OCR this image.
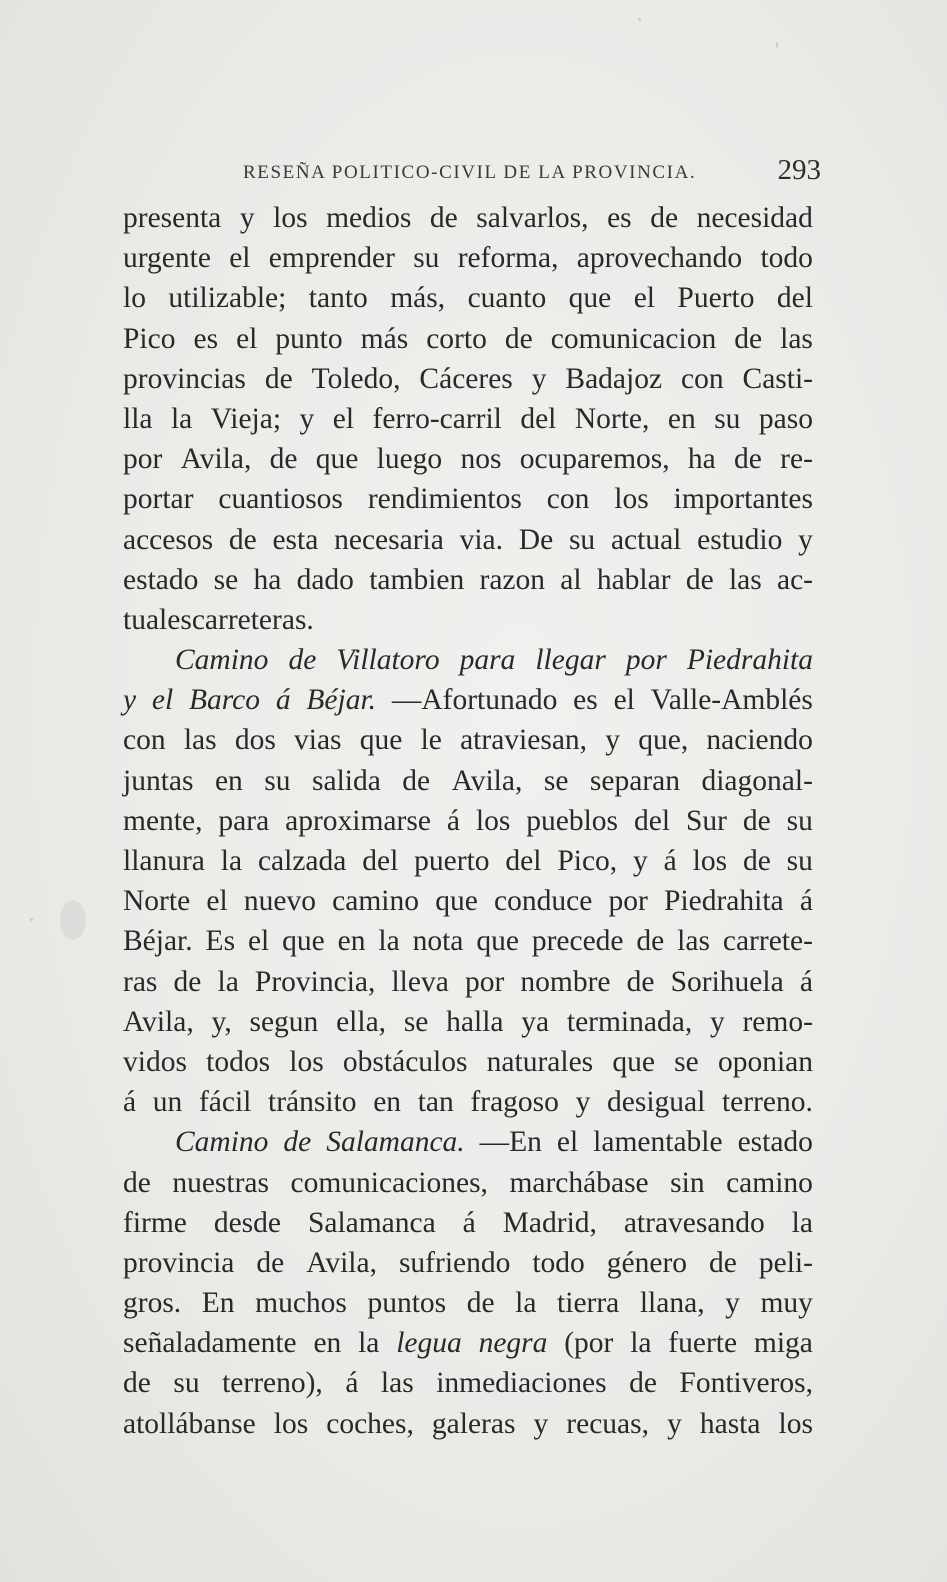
RESEÑA POLITICO-CIVIL DE LA PROVINCIA.	293
presenta y los medios de salvarlos, es de necesidad
urgente el emprender su reforma, aprovechando todo
lo utilizable; tanto más, cuanto que el Puerto del
Pico es el punto más corto de comunicacion de las
provincias de Toledo, Cáceres y Badajoz con Casti-
lla la Vieja; y el ferro-carril del Norte, en su paso
por Avila, de que luego nos ocuparemos, ha de re-
portar cuantiosos rendimientos con los importantes
accesos de esta necesaria via. De su actual estudio y
estado se ha dado tambien razon al hablar de las ac-
tuales carreteras.
Camino de Villatoro para llegar por Piedrahita
y el Barco á Béjar. —Afortunado es el Valle-Amblés
con las dos vias que le atraviesan, y que, naciendo
juntas en su salida de Avila, se separan diagonal-
mente, para aproximarse á los pueblos del Sur de su
llanura la calzada del puerto del Pico, y á los de su
Norte el nuevo camino que conduce por Piedrahita á
Béjar. Es el que en la nota que precede de las carrete-
ras de la Provincia, lleva por nombre de Sorihuela á
Avila, y, segun ella, se halla ya terminada, y remo-
vidos todos los obstáculos naturales que se oponian
á un fácil tránsito en tan fragoso y desigual terreno.
Camino de Salamanca. —En el lamentable estado
de nuestras comunicaciones, marchábase sin camino
firme desde Salamanca á Madrid, atravesando la
provincia de Avila, sufriendo todo género de peli-
gros. En muchos puntos de la tierra llana, y muy
señaladamente en la legua negra (por la fuerte miga
de su terreno), á las inmediaciones de Fontiveros,
atollábanse los coches, galeras y recuas, y hasta los
